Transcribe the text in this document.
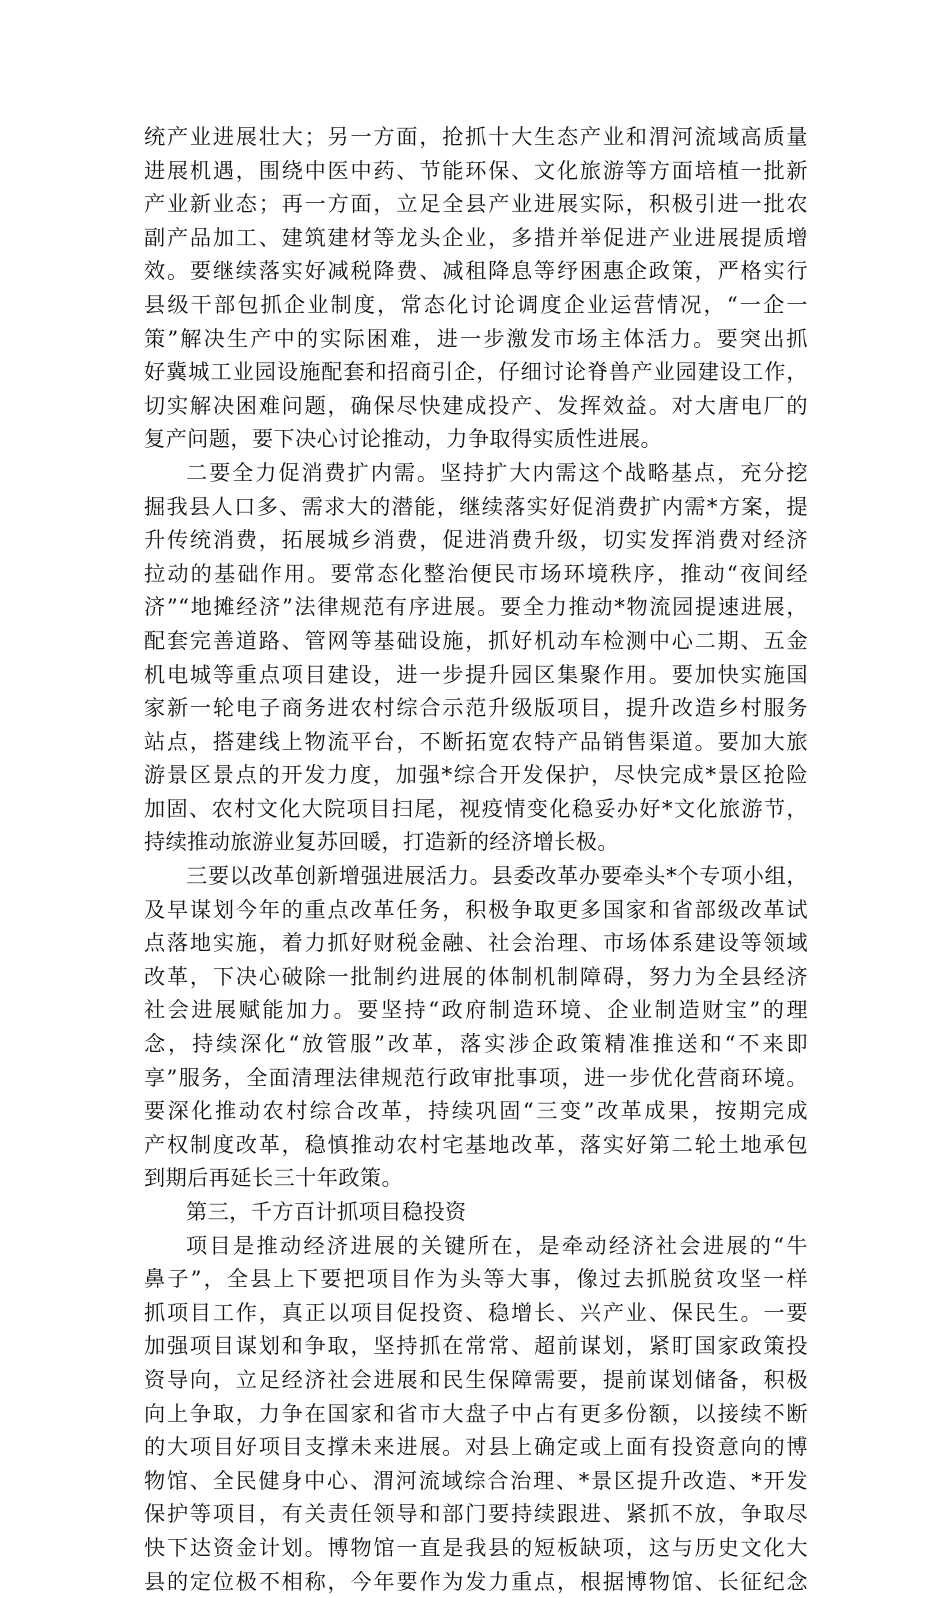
统产业进展壮大；另一方面，抢抓十大生态产业和渭河流域高质量
进展机遇，围绕中医中药、节能环保、文化旅游等方面培植一批新
产业新业态；再一方面，立足全县产业进展实际，积极引进一批农
副产品加工、建筑建材等龙头企业，多措并举促进产业进展提质增
效。要继续落实好减税降费、减租降息等纾困惠企政策，严格实行
县级干部包抓企业制度，常态化讨论调度企业运营情况，“一企一
策”解决生产中的实际困难，进一步激发市场主体活力。要突出抓
好冀城工业园设施配套和招商引企，仔细讨论脊兽产业园建设工作，
切实解决困难问题，确保尽快建成投产、发挥效益。对大唐电厂的
复产问题，要下决心讨论推动，力争取得实质性进展。
二要全力促消费扩内需。坚持扩大内需这个战略基点，充分挖
掘我县人口多、需求大的潜能，继续落实好促消费扩内需*方案，提
升传统消费，拓展城乡消费，促进消费升级，切实发挥消费对经济
拉动的基础作用。要常态化整治便民市场环境秩序，推动“夜间经
济”“地摊经济”法律规范有序进展。要全力推动*物流园提速进展，
配套完善道路、管网等基础设施，抓好机动车检测中心二期、五金
机电城等重点项目建设，进一步提升园区集聚作用。要加快实施国
家新一轮电子商务进农村综合示范升级版项目，提升改造乡村服务
站点，搭建线上物流平台，不断拓宽农特产品销售渠道。要加大旅
游景区景点的开发力度，加强*综合开发保护，尽快完成*景区抢险
加固、农村文化大院项目扫尾，视疫情变化稳妥办好*文化旅游节，
持续推动旅游业复苏回暖，打造新的经济增长极。
三要以改革创新增强进展活力。县委改革办要牵头*个专项小组，
及早谋划今年的重点改革任务，积极争取更多国家和省部级改革试
点落地实施，着力抓好财税金融、社会治理、市场体系建设等领域
改革，下决心破除一批制约进展的体制机制障碍，努力为全县经济
社会进展赋能加力。要坚持“政府制造环境、企业制造财宝”的理
念，持续深化“放管服”改革，落实涉企政策精准推送和“不来即
享”服务，全面清理法律规范行政审批事项，进一步优化营商环境。
要深化推动农村综合改革，持续巩固“三变”改革成果，按期完成
产权制度改革，稳慎推动农村宅基地改革，落实好第二轮土地承包
到期后再延长三十年政策。
第三，千方百计抓项目稳投资
项目是推动经济进展的关键所在，是牵动经济社会进展的“牛
鼻子”，全县上下要把项目作为头等大事，像过去抓脱贫攻坚一样
抓项目工作，真正以项目促投资、稳增长、兴产业、保民生。一要
加强项目谋划和争取，坚持抓在常常、超前谋划，紧盯国家政策投
资导向，立足经济社会进展和民生保障需要，提前谋划储备，积极
向上争取，力争在国家和省市大盘子中占有更多份额，以接续不断
的大项目好项目支撑未来进展。对县上确定或上面有投资意向的博
物馆、全民健身中心、渭河流域综合治理、*景区提升改造、*开发
保护等项目，有关责任领导和部门要持续跟进、紧抓不放，争取尽
快下达资金计划。博物馆一直是我县的短板缺项，这与历史文化大
县的定位极不相称，今年要作为发力重点，根据博物馆、长征纪念
